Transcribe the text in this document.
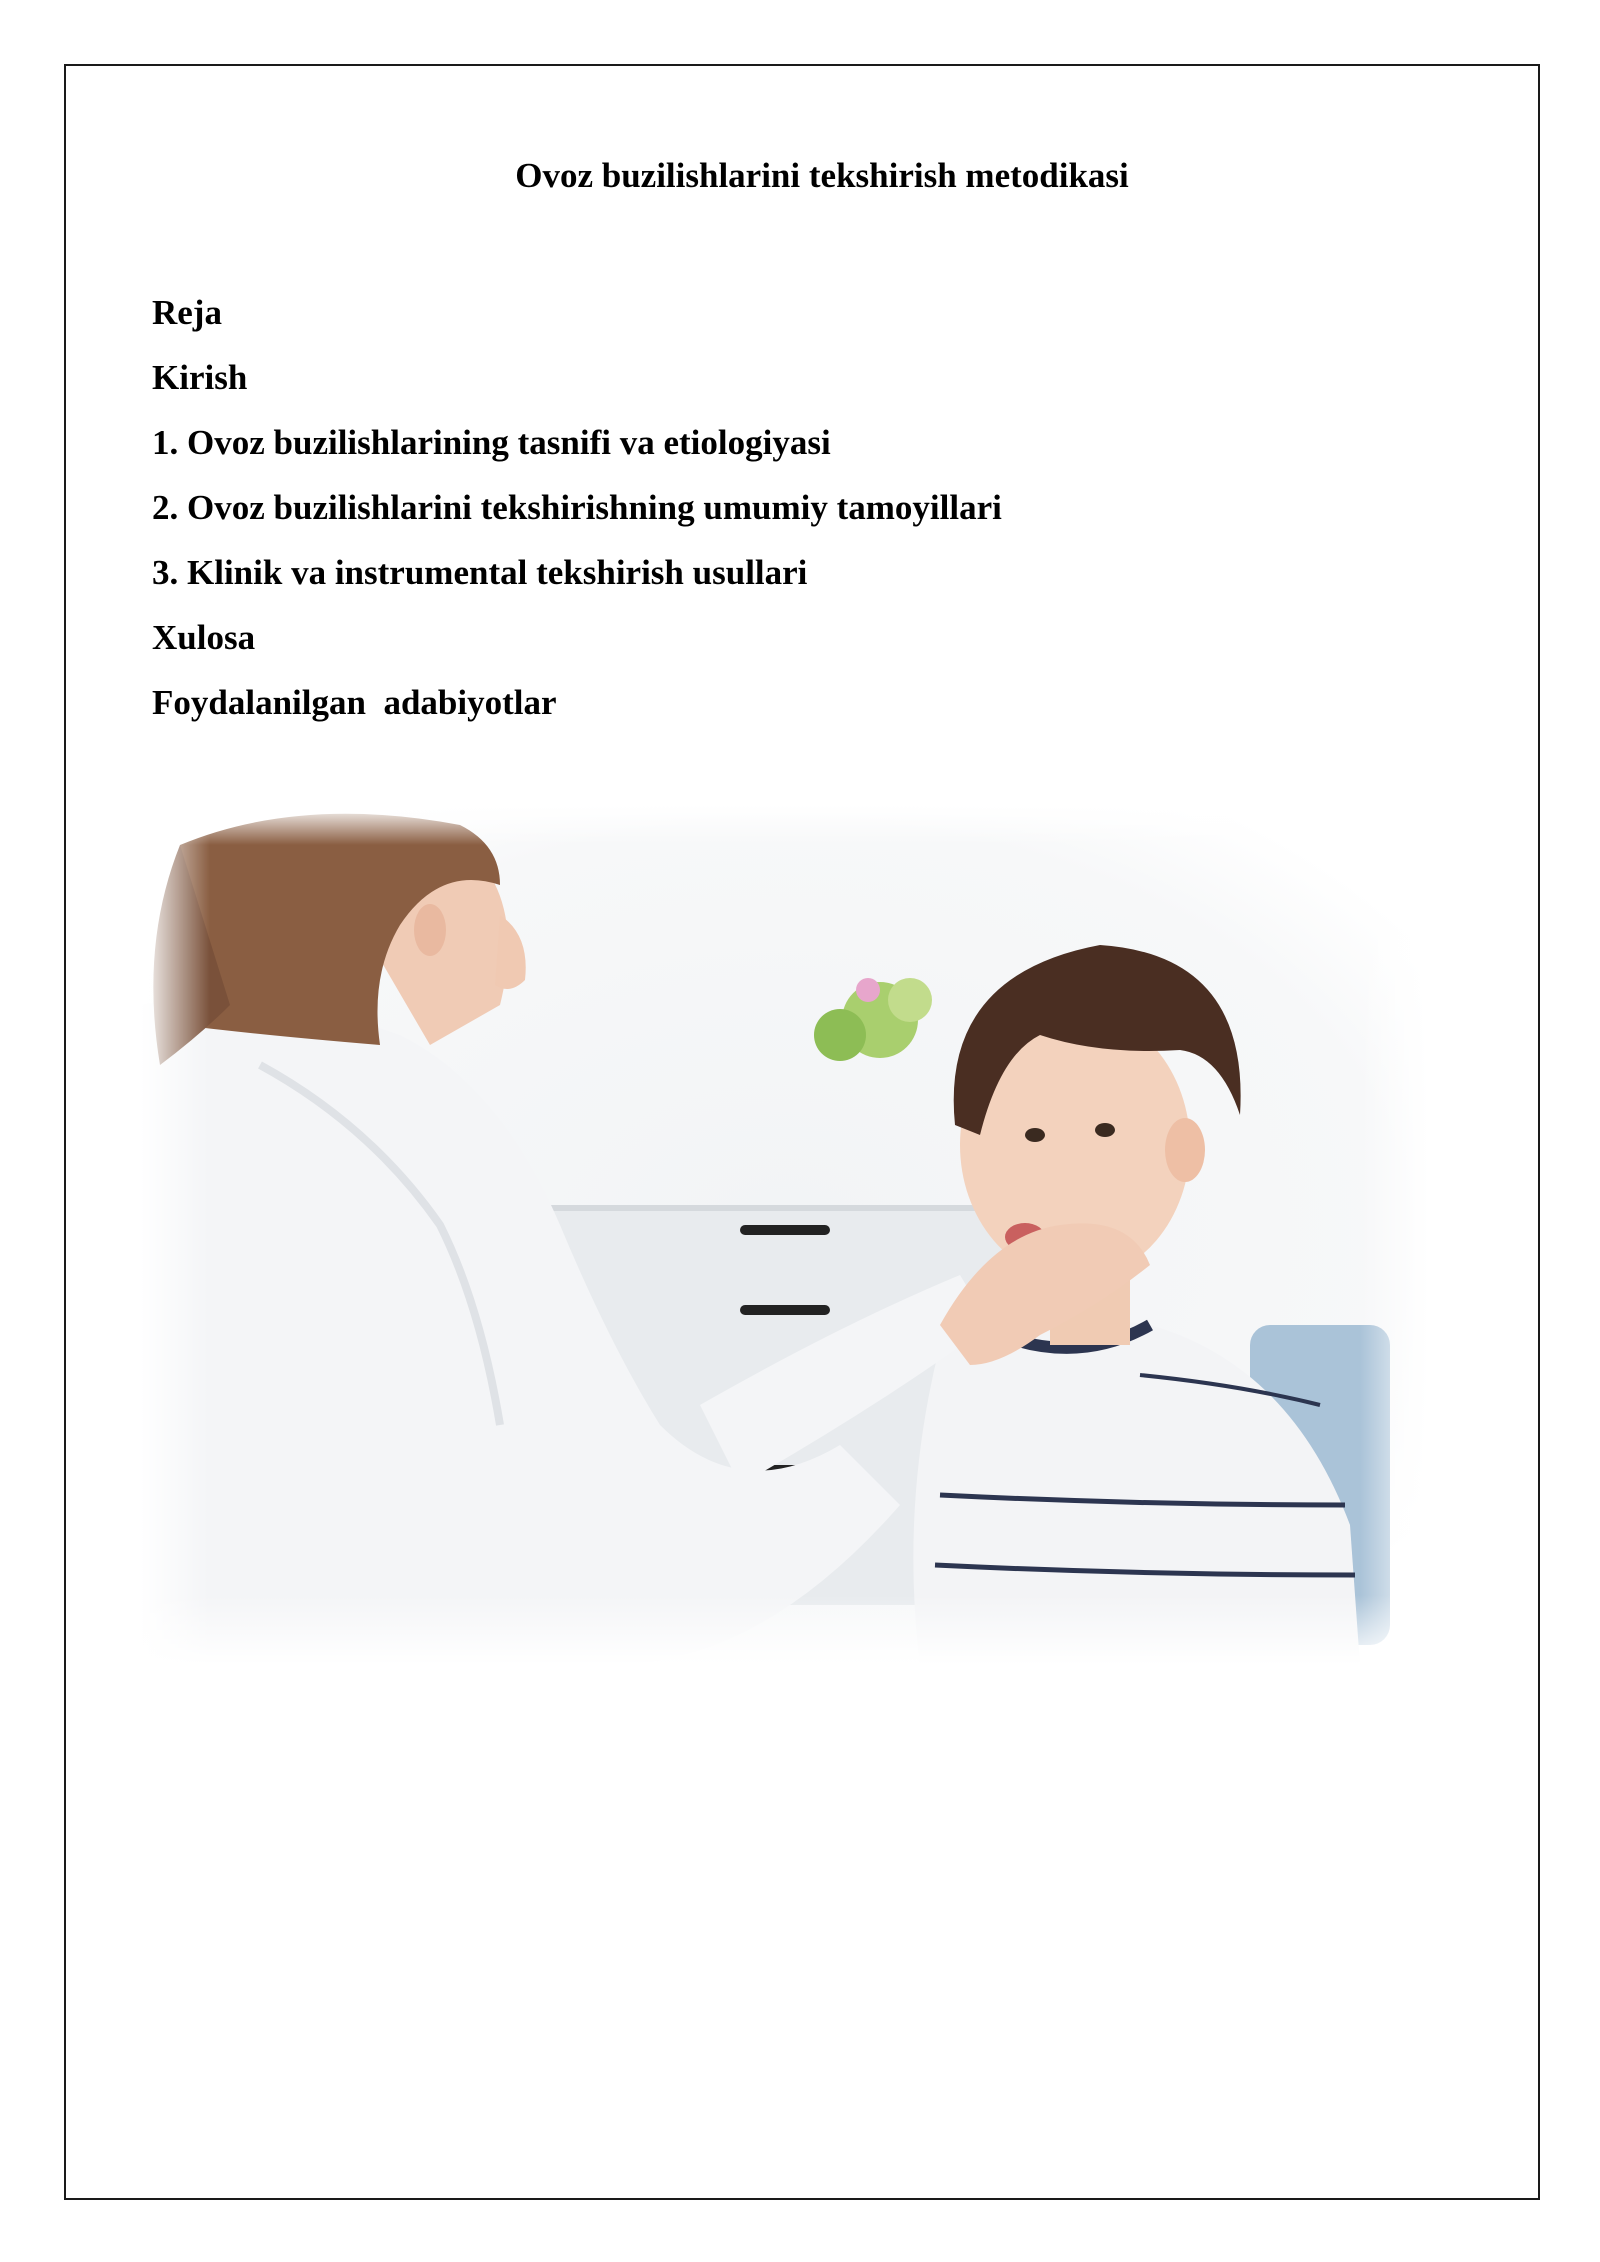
Ovoz buzilishlarini tekshirish metodikasi
Reja
Kirish
1. Ovoz buzilishlarining tasnifi va etiologiyasi
2. Ovoz buzilishlarini tekshirishning umumiy tamoyillari
3. Klinik va instrumental tekshirish usullari
Xulosa
Foydalanilgan  adabiyotlar
